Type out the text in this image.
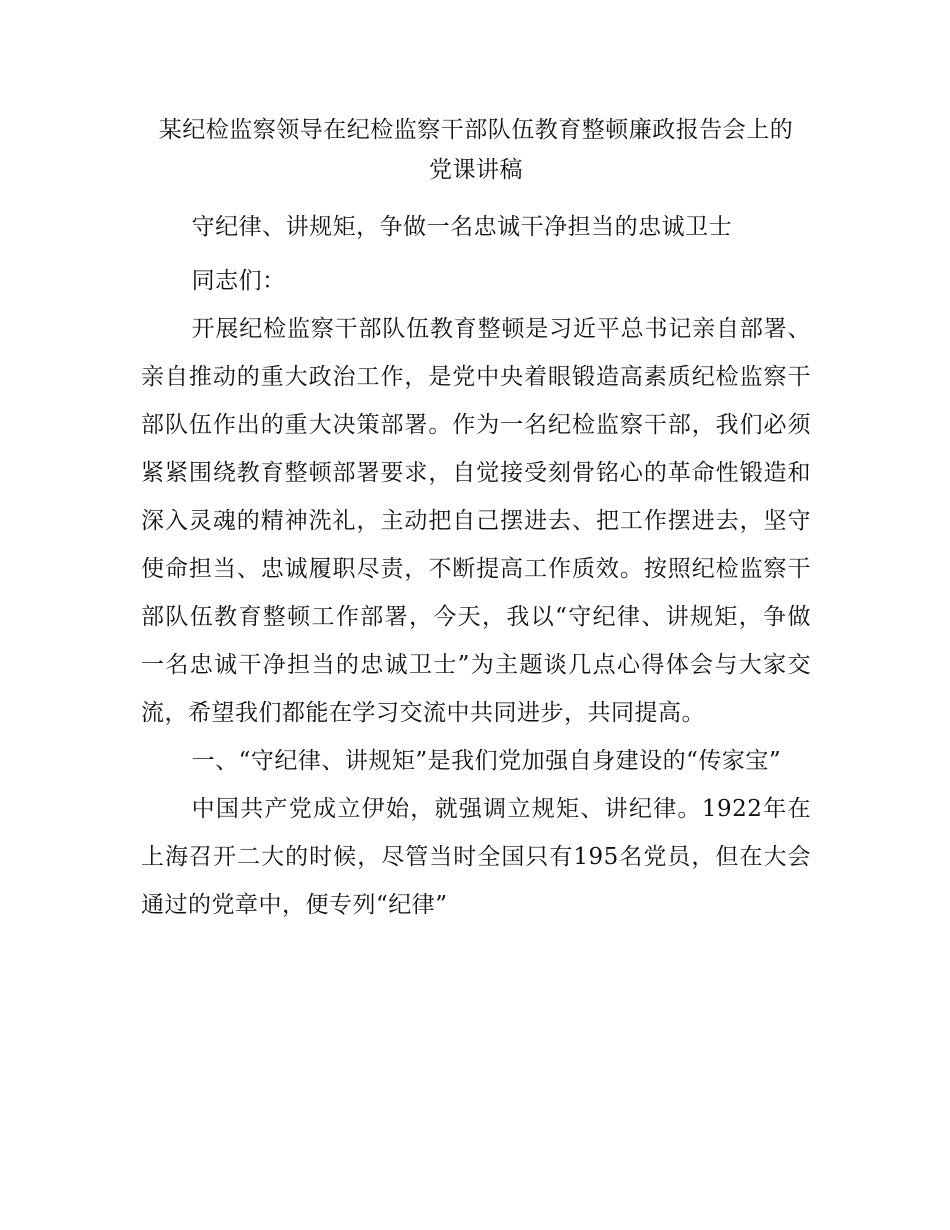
某纪检监察领导在纪检监察干部队伍教育整顿廉政报告会上的
党课讲稿

守纪律、讲规矩，争做一名忠诚干净担当的忠诚卫士

同志们：

开展纪检监察干部队伍教育整顿是习近平总书记亲自部署、亲自推动的重大政治工作，是党中央着眼锻造高素质纪检监察干部队伍作出的重大决策部署。作为一名纪检监察干部，我们必须紧紧围绕教育整顿部署要求，自觉接受刻骨铭心的革命性锻造和深入灵魂的精神洗礼，主动把自己摆进去、把工作摆进去，坚守使命担当、忠诚履职尽责，不断提高工作质效。按照纪检监察干部队伍教育整顿工作部署，今天，我以“守纪律、讲规矩，争做一名忠诚干净担当的忠诚卫士”为主题谈几点心得体会与大家交流，希望我们都能在学习交流中共同进步，共同提高。

一、“守纪律、讲规矩”是我们党加强自身建设的“传家宝”

中国共产党成立伊始，就强调立规矩、讲纪律。1922年在上海召开二大的时候，尽管当时全国只有195名党员，但在大会通过的党章中，便专列“纪律”
